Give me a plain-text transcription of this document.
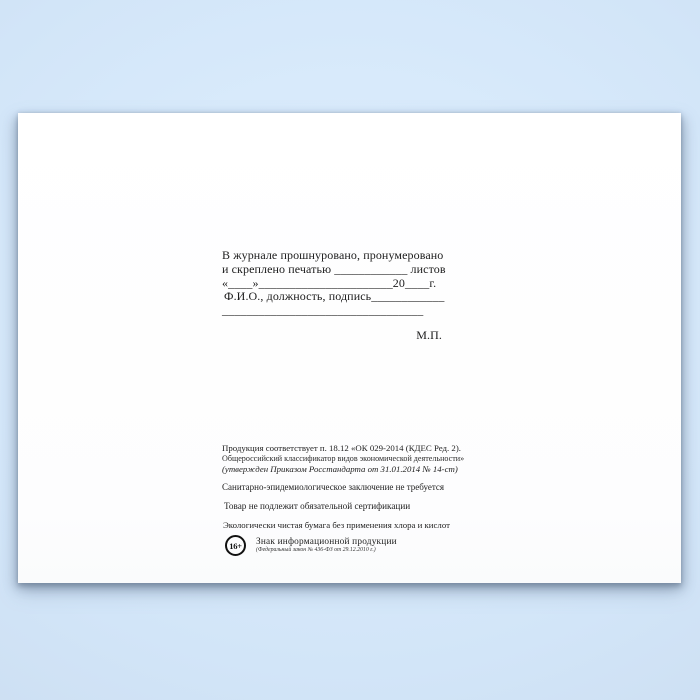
В журнале прошнуровано, пронумеровано
и скреплено печатью ____________ листов
«____»______________________20____г.
Ф.И.О., должность, подпись____________
_________________________________
М.П.
Продукция соответствует п. 18.12 «ОК 029-2014 (КДЕС Ред. 2).
Общероссийский классификатор видов экономической деятельности»
(утвержден Приказом Росстандарта от 31.01.2014 № 14-ст)
Санитарно-эпидемиологическое заключение не требуется
Товар не подлежит обязательной сертификации
Экологически чистая бумага без применения хлора и кислот
16+	Знак информационной продукции
(Федеральный закон № 436-ФЗ от 29.12.2010 г.)
